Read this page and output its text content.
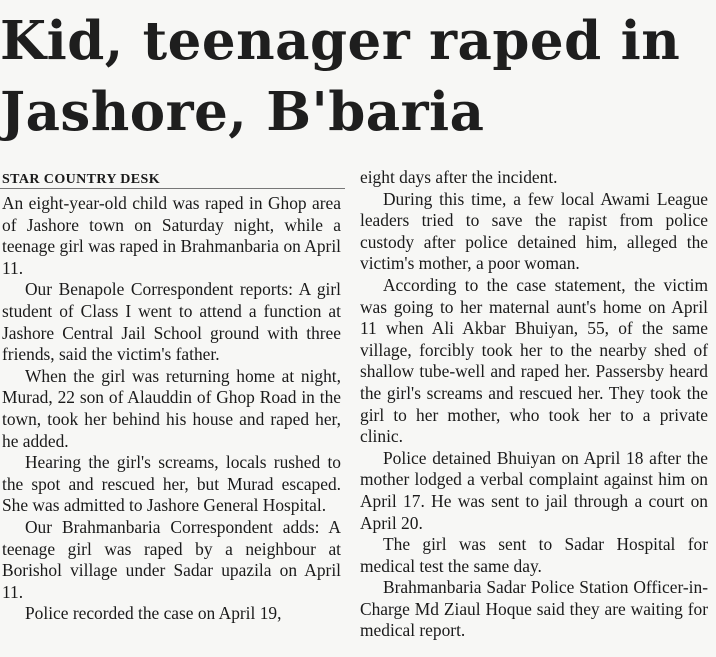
Kid, teenager raped in
Jashore, B'baria
STAR COUNTRY DESK

An eight-year-old child was raped in Ghop area of Jashore town on Saturday night, while a teenage girl was raped in Brahmanbaria on April 11.

Our Benapole Correspondent reports: A girl student of Class I went to attend a function at Jashore Central Jail School ground with three friends, said the victim's father.

When the girl was returning home at night, Murad, 22 son of Alauddin of Ghop Road in the town, took her behind his house and raped her, he added.

Hearing the girl's screams, locals rushed to the spot and rescued her, but Murad escaped. She was admitted to Jashore General Hospital.

Our Brahmanbaria Correspondent adds: A teenage girl was raped by a neighbour at Borishol village under Sadar upazila on April 11.

Police recorded the case on April 19,

eight days after the incident.

During this time, a few local Awami League leaders tried to save the rapist from police custody after police detained him, alleged the victim's mother, a poor woman.

According to the case statement, the victim was going to her maternal aunt's home on April 11 when Ali Akbar Bhuiyan, 55, of the same village, forcibly took her to the nearby shed of shallow tube-well and raped her. Passersby heard the girl's screams and rescued her. They took the girl to her mother, who took her to a private clinic.

Police detained Bhuiyan on April 18 after the mother lodged a verbal complaint against him on April 17. He was sent to jail through a court on April 20.

The girl was sent to Sadar Hospital for medical test the same day.

Brahmanbaria Sadar Police Station Officer-in-Charge Md Ziaul Hoque said they are waiting for medical report.
